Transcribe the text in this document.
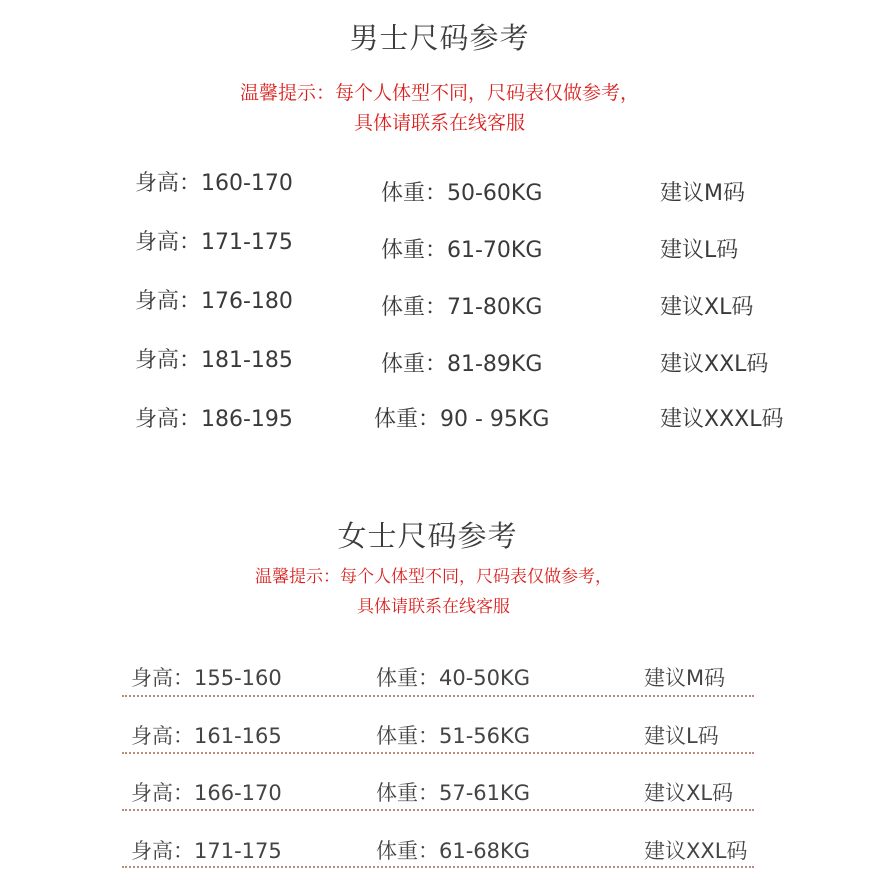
男士尺码参考
温馨提示：每个人体型不同，尺码表仅做参考，
具体请联系在线客服
身高：160-170	体重：50-60KG	建议M码
身高：171-175	体重：61-70KG	建议L码
身高：176-180	体重：71-80KG	建议XL码
身高：181-185	体重：81-89KG	建议XXL码
身高：186-195	体重：90 - 95KG	建议XXXL码
女士尺码参考
温馨提示：每个人体型不同，尺码表仅做参考，
具体请联系在线客服
身高：155-160	体重：40-50KG	建议M码
身高：161-165	体重：51-56KG	建议L码
身高：166-170	体重：57-61KG	建议XL码
身高：171-175	体重：61-68KG	建议XXL码
